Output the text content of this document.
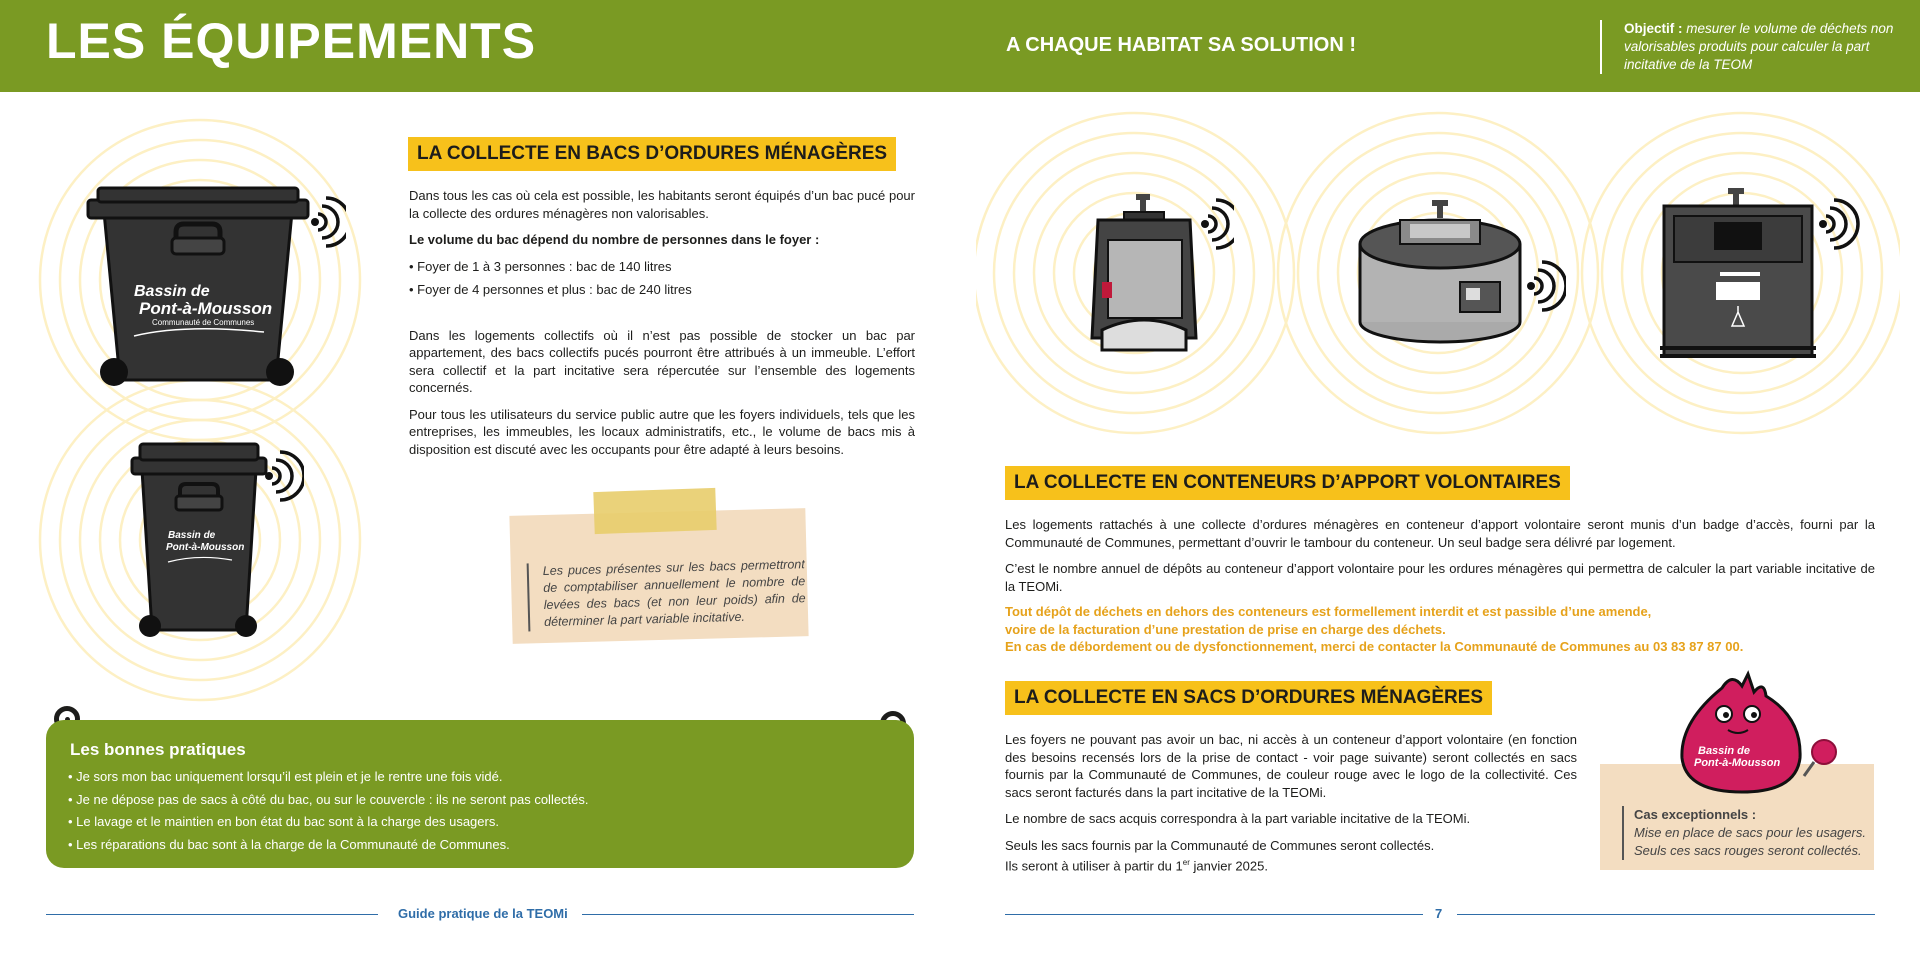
LES ÉQUIPEMENTS	A CHAQUE HABITAT SA SOLUTION !
Objectif : mesurer le volume de déchets non valorisables produits pour calculer la part incitative de la TEOM
Bassin de
Pont-à-Mousson
Communauté de Communes
Bassin de
Pont-à-Mousson
LA COLLECTE EN BACS D’ORDURES MÉNAGÈRES

Dans tous les cas où cela est possible, les habitants seront équipés d’un bac pucé pour la collecte des ordures ménagères non valorisables.

Le volume du bac dépend du nombre de personnes dans le foyer :

• Foyer de 1 à 3 personnes : bac de 140 litres

• Foyer de 4 personnes et plus : bac de 240 litres

Dans les logements collectifs où il n’est pas possible de stocker un bac par appartement, des bacs collectifs pucés pourront être attribués à un immeuble. L’effort sera collectif et la part incitative sera répercutée sur l’ensemble des logements concernés.

Pour tous les utilisateurs du service public autre que les foyers individuels, tels que les entreprises, les immeubles, les locaux administratifs, etc., le volume de bacs mis à disposition est discuté avec les occupants pour être adapté à leurs besoins.

Les puces présentes sur les bacs permettront de comptabiliser annuellement le nombre de levées des bacs (et non leur poids) afin de déterminer la part variable incitative.
Les bonnes pratiques
• Je sors mon bac uniquement lorsqu’il est plein et je le rentre une fois vidé.
• Je ne dépose pas de sacs à côté du bac, ou sur le couvercle : ils ne seront pas collectés.
• Le lavage et le maintien en bon état du bac sont à la charge des usagers.
• Les réparations du bac sont à la charge de la Communauté de Communes.
LA COLLECTE EN CONTENEURS D’APPORT VOLONTAIRES

Les logements rattachés à une collecte d’ordures ménagères en conteneur d’apport volontaire seront munis d’un badge d’accès, fourni par la Communauté de Communes, permettant d’ouvrir le tambour du conteneur. Un seul badge sera délivré par logement.

C’est le nombre annuel de dépôts au conteneur d’apport volontaire pour les ordures ménagères qui permettra de calculer la part variable incitative de la TEOMi.

Tout dépôt de déchets en dehors des conteneurs est formellement interdit et est passible d’une amende,
voire de la facturation d’une prestation de prise en charge des déchets.
En cas de débordement ou de dysfonctionnement, merci de contacter la Communauté de Communes au 03 83 87 87 00.
LA COLLECTE EN SACS D’ORDURES MÉNAGÈRES

Les foyers ne pouvant pas avoir un bac, ni accès à un conteneur d’apport volontaire (en fonction des besoins recensés lors de la prise de contact - voir page suivante) seront collectés en sacs fournis par la Communauté de Communes, de couleur rouge avec le logo de la collectivité. Ces sacs seront facturés dans la part incitative de la TEOMi.

Le nombre de sacs acquis correspondra à la part variable incitative de la TEOMi.

Seuls les sacs fournis par la Communauté de Communes seront collectés.
Ils seront à utiliser à partir du 1er janvier 2025.

Cas exceptionnels :
Mise en place de sacs pour les usagers.
Seuls ces sacs rouges seront collectés.
Bassin de
Pont-à-Mousson
Guide pratique de la TEOMi	7
